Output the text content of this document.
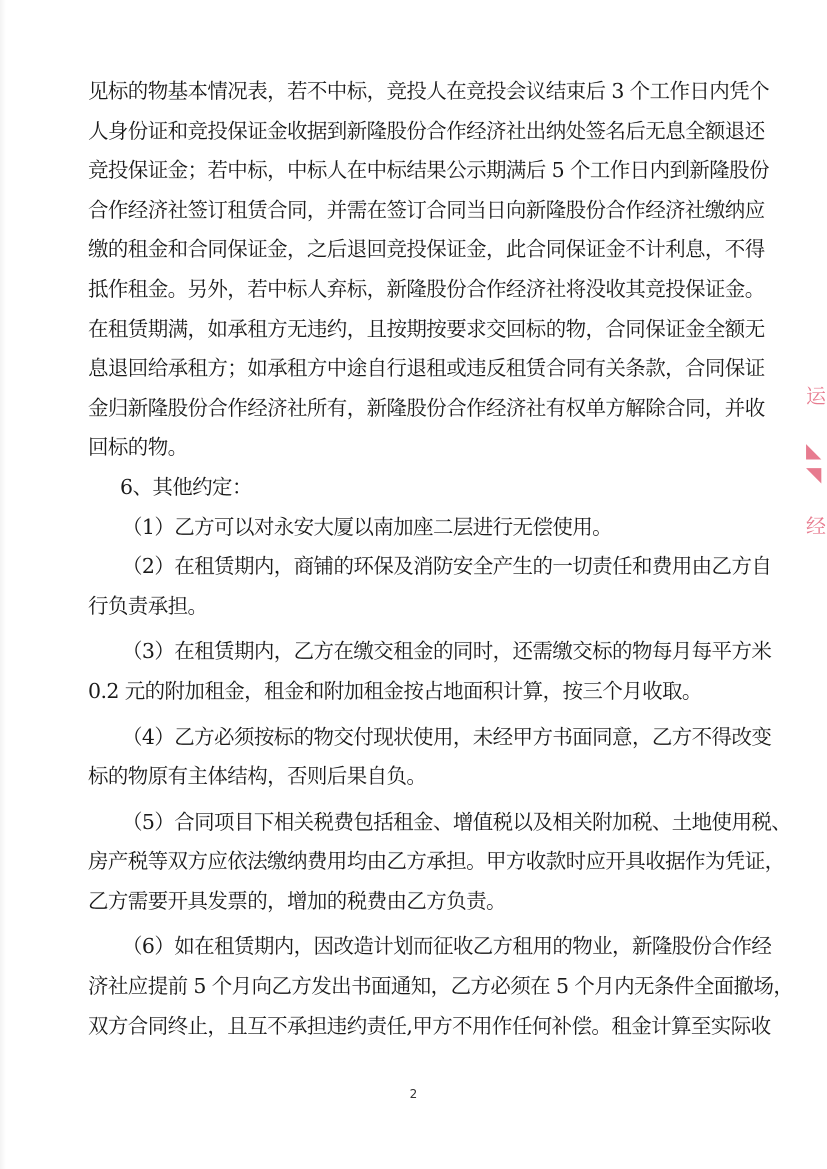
见标的物基本情况表，若不中标，竞投人在竞投会议结束后 3 个工作日内凭个
人身份证和竞投保证金收据到新隆股份合作经济社出纳处签名后无息全额退还
竞投保证金；若中标，中标人在中标结果公示期满后 5 个工作日内到新隆股份
合作经济社签订租赁合同，并需在签订合同当日向新隆股份合作经济社缴纳应
缴的租金和合同保证金，之后退回竞投保证金，此合同保证金不计利息，不得
抵作租金。另外，若中标人弃标，新隆股份合作经济社将没收其竞投保证金。
在租赁期满，如承租方无违约，且按期按要求交回标的物，合同保证金全额无
息退回给承租方；如承租方中途自行退租或违反租赁合同有关条款，合同保证
金归新隆股份合作经济社所有，新隆股份合作经济社有权单方解除合同，并收
回标的物。
6、其他约定：
（1）乙方可以对永安大厦以南加座二层进行无偿使用。
（2）在租赁期内，商铺的环保及消防安全产生的一切责任和费用由乙方自
行负责承担。
（3）在租赁期内，乙方在缴交租金的同时，还需缴交标的物每月每平方米
0.2 元的附加租金，租金和附加租金按占地面积计算，按三个月收取。
（4）乙方必须按标的物交付现状使用，未经甲方书面同意，乙方不得改变
标的物原有主体结构，否则后果自负。
（5）合同项目下相关税费包括租金、增值税以及相关附加税、土地使用税、
房产税等双方应依法缴纳费用均由乙方承担。甲方收款时应开具收据作为凭证，
乙方需要开具发票的，增加的税费由乙方负责。
（6）如在租赁期内，因改造计划而征收乙方租用的物业，新隆股份合作经
济社应提前 5 个月向乙方发出书面通知，乙方必须在 5 个月内无条件全面撤场，
双方合同终止，且互不承担违约责任,甲方不用作任何补偿。租金计算至实际收
2
运
◣
◥
经
